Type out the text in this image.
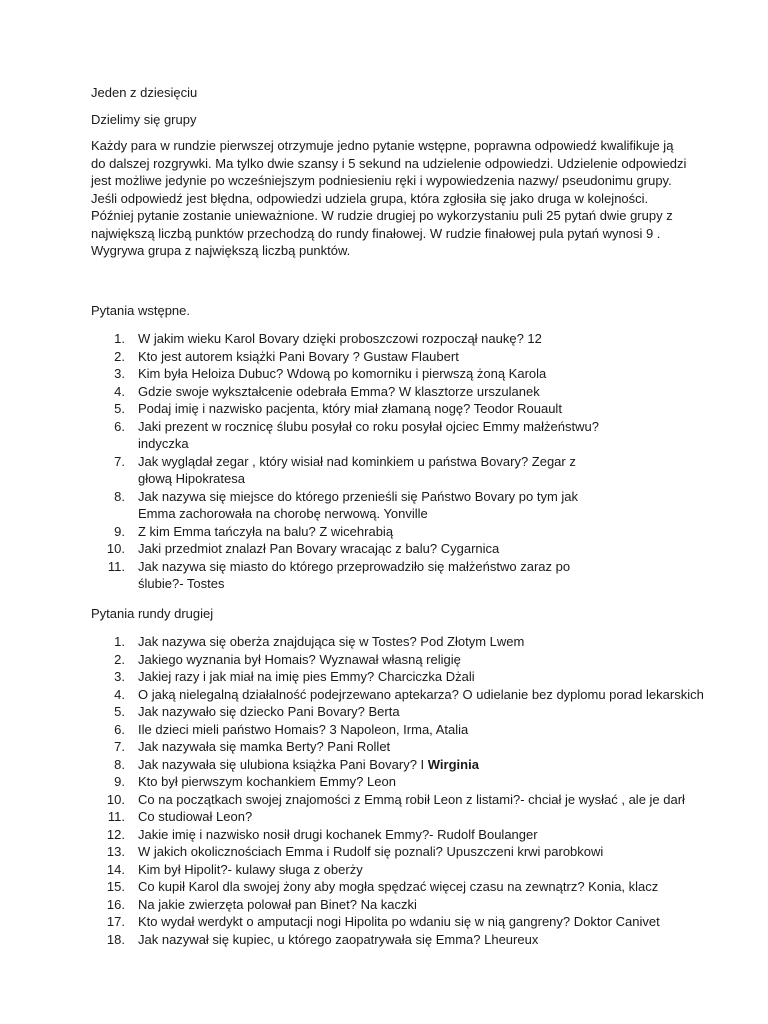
Jeden z dziesięciu

Dzielimy się grupy

Każdy para w rundzie pierwszej otrzymuje jedno pytanie wstępne, poprawna odpowiedź kwalifikuje ją do dalszej rozgrywki. Ma tylko dwie szansy i 5 sekund na udzielenie odpowiedzi. Udzielenie odpowiedzi jest możliwe jedynie po wcześniejszym podniesieniu ręki i wypowiedzenia nazwy/ pseudonimu grupy. Jeśli odpowiedź jest błędna, odpowiedzi udziela grupa, która zgłosiła się jako druga w kolejności. Później pytanie zostanie unieważnione. W rudzie drugiej po wykorzystaniu puli 25 pytań dwie grupy z największą liczbą punktów przechodzą do rundy finałowej. W rudzie finałowej pula pytań wynosi 9 . Wygrywa grupa z największą liczbą punktów.

Pytania wstępne.

1. W jakim wieku Karol Bovary dzięki proboszczowi rozpoczął naukę? 12
2. Kto jest autorem książki Pani Bovary ? Gustaw Flaubert
3. Kim była Heloiza Dubuc? Wdową po komorniku i pierwszą żoną Karola
4. Gdzie swoje wykształcenie odebrała Emma? W klasztorze urszulanek
5. Podaj imię i nazwisko pacjenta, który miał złamaną nogę? Teodor Rouault
6. Jaki prezent w rocznicę ślubu posyłał co roku posyłał ojciec Emmy małżeństwu? indyczka
7. Jak wyglądał zegar , który wisiał nad kominkiem u państwa Bovary? Zegar z głową Hipokratesa
8. Jak nazywa się miejsce do którego przenieśli się Państwo Bovary po tym jak Emma zachorowała na chorobę nerwową. Yonville
9. Z kim Emma tańczyła na balu? Z wicehrabią
10. Jaki przedmiot znalazł Pan Bovary wracając z balu? Cygarnica
11. Jak nazywa się miasto do którego przeprowadziło się małżeństwo zaraz po ślubie?- Tostes

Pytania rundy drugiej

1. Jak nazywa się oberża znajdująca się w Tostes? Pod Złotym Lwem
2. Jakiego wyznania był Homais? Wyznawał własną religię
3. Jakiej razy i jak miał na imię pies Emmy? Charciczka Dżali
4. O jaką nielegalną działalność podejrzewano aptekarza? O udielanie bez dyplomu porad lekarskich
5. Jak nazywało się dziecko Pani Bovary? Berta
6. Ile dzieci mieli państwo Homais? 3 Napoleon, Irma, Atalia
7. Jak nazywała się mamka Berty? Pani Rollet
8. Jak nazywała się ulubiona książka Pani Bovary? I Wirginia
9. Kto był pierwszym kochankiem Emmy? Leon
10. Co na początkach swojej znajomości z Emmą robił Leon z listami?- chciał je wysłać , ale je darł
11. Co studiował Leon?
12. Jakie imię i nazwisko nosił drugi kochanek Emmy?- Rudolf Boulanger
13. W jakich okolicznościach Emma i Rudolf się poznali? Upuszczeni krwi parobkowi
14. Kim był Hipolit?- kulawy sługa z oberży
15. Co kupił Karol dla swojej żony aby mogła spędzać więcej czasu na zewnątrz? Konia, klacz
16. Na jakie zwierzęta polował pan Binet? Na kaczki
17. Kto wydał werdykt o amputacji nogi Hipolita po wdaniu się w nią gangreny? Doktor Canivet
18. Jak nazywał się kupiec, u którego zaopatrywała się Emma? Lheureux
